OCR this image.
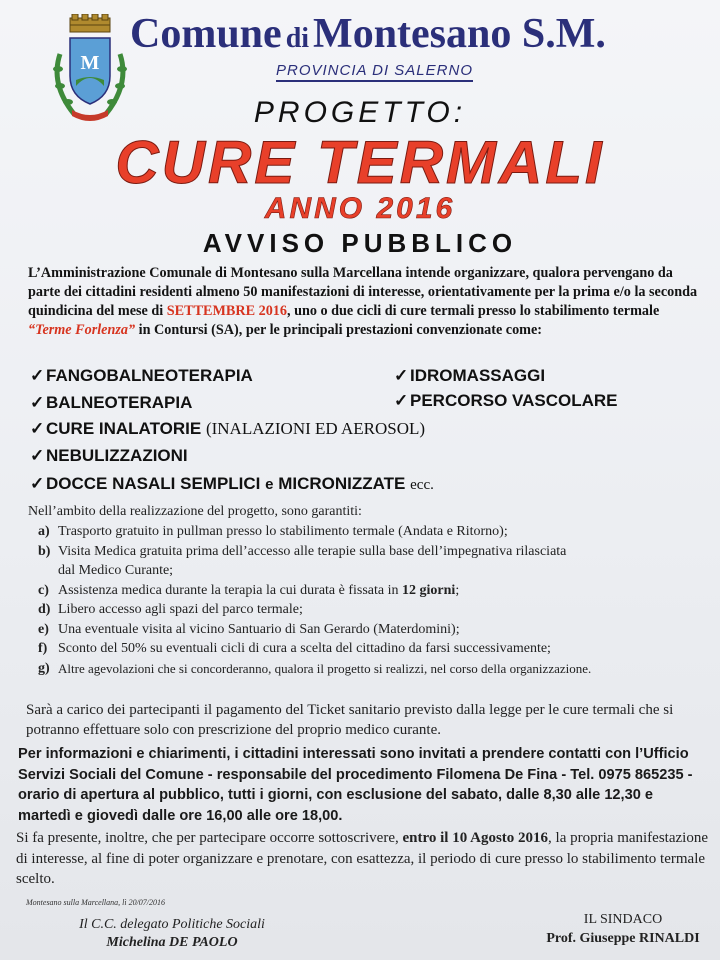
M
Comune di Montesano S.M.
PROVINCIA DI SALERNO
PROGETTO:
CURE TERMALI
ANNO 2016
AVVISO PUBBLICO
L’Amministrazione Comunale di Montesano sulla Marcellana intende organizzare, qualora pervengano da parte dei cittadini residenti almeno 50 manifestazioni di interesse, orientativamente per la prima e/o la seconda quindicina del mese di SETTEMBRE 2016, uno o due cicli di cure termali presso lo stabilimento termale “Terme Forlenza” in Contursi (SA), per le principali prestazioni convenzionate come:
✓ FANGOBALNEOTERAPIA	✓ IDROMASSAGGI
✓ BALNEOTERAPIA	✓ PERCORSO VASCOLARE
✓ CURE INALATORIE (INALAZIONI ED AEROSOL)
✓ NEBULIZZAZIONI
✓ DOCCE NASALI SEMPLICI e MICRONIZZATE ecc.
Nell’ambito della realizzazione del progetto, sono garantiti:
a) Trasporto gratuito in pullman presso lo stabilimento termale (Andata e Ritorno);
b) Visita Medica gratuita prima dell’accesso alle terapie sulla base dell’impegnativa rilasciata
dal Medico Curante;
c) Assistenza medica durante la terapia la cui durata è fissata in 12 giorni;
d) Libero accesso agli spazi del parco termale;
e) Una eventuale visita al vicino Santuario di San Gerardo (Materdomini);
f) Sconto del 50% su eventuali cicli di cura a scelta del cittadino da farsi successivamente;
g) Altre agevolazioni che si concorderanno, qualora il progetto si realizzi, nel corso della organizzazione.
Sarà a carico dei partecipanti il pagamento del Ticket sanitario previsto dalla legge per le cure termali che si potranno effettuare solo con prescrizione del proprio medico curante.
Per informazioni e chiarimenti, i cittadini interessati sono invitati a prendere contatti con l’Ufficio Servizi Sociali del Comune - responsabile del procedimento Filomena De Fina - Tel. 0975 865235 - orario di apertura al pubblico, tutti i giorni, con esclusione del sabato, dalle 8,30 alle 12,30 e martedì e giovedì dalle ore 16,00 alle ore 18,00.
Si fa presente, inoltre, che per partecipare occorre sottoscrivere, entro il 10 Agosto 2016, la propria manifestazione di interesse, al fine di poter organizzare e prenotare, con esattezza, il periodo di cure presso lo stabilimento termale scelto.
Montesano sulla Marcellana, lì 20/07/2016
Il C.C. delegato Politiche Sociali
Michelina DE PAOLO
IL SINDACO
Prof. Giuseppe RINALDI
